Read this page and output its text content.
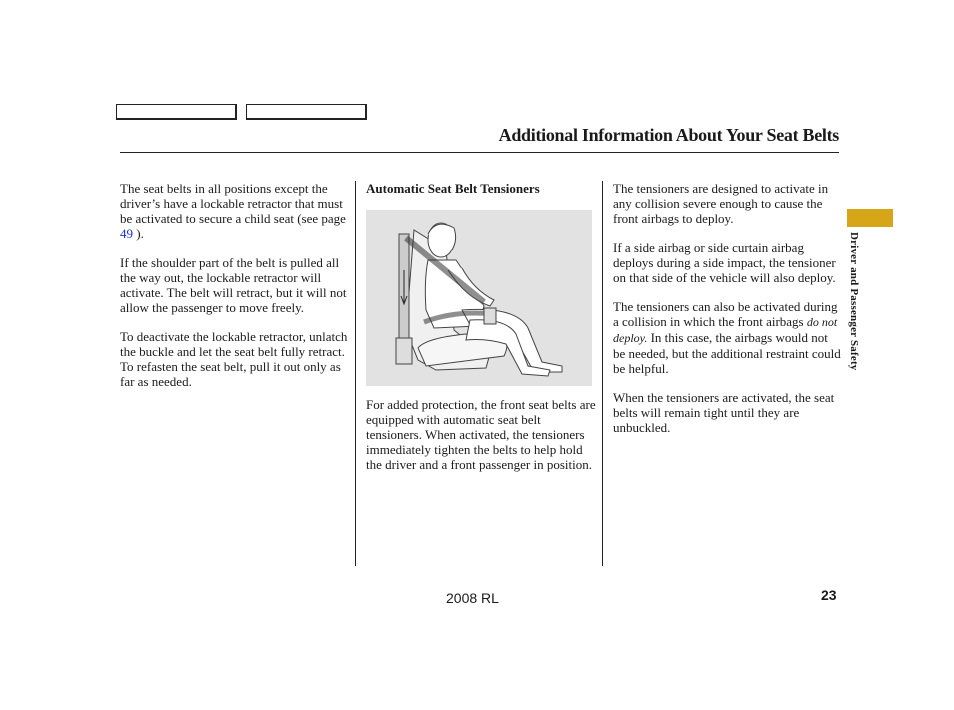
Additional Information About Your Seat Belts

The seat belts in all positions except the driver’s have a lockable retractor that must be activated to secure a child seat (see page 49 ).

If the shoulder part of the belt is pulled all the way out, the lockable retractor will activate. The belt will retract, but it will not allow the passenger to move freely.

To deactivate the lockable retractor, unlatch the buckle and let the seat belt fully retract. To refasten the seat belt, pull it out only as far as needed.

Automatic Seat Belt Tensioners

For added protection, the front seat belts are equipped with automatic seat belt tensioners. When activated, the tensioners immediately tighten the belts to help hold the driver and a front passenger in position.

The tensioners are designed to activate in any collision severe enough to cause the front airbags to deploy.

If a side airbag or side curtain airbag deploys during a side impact, the tensioner on that side of the vehicle will also deploy.

The tensioners can also be activated during a collision in which the front airbags do not deploy. In this case, the airbags would not be needed, but the additional restraint could be helpful.

When the tensioners are activated, the seat belts will remain tight until they are unbuckled.

Driver and Passenger Safety
2008 RL	23
